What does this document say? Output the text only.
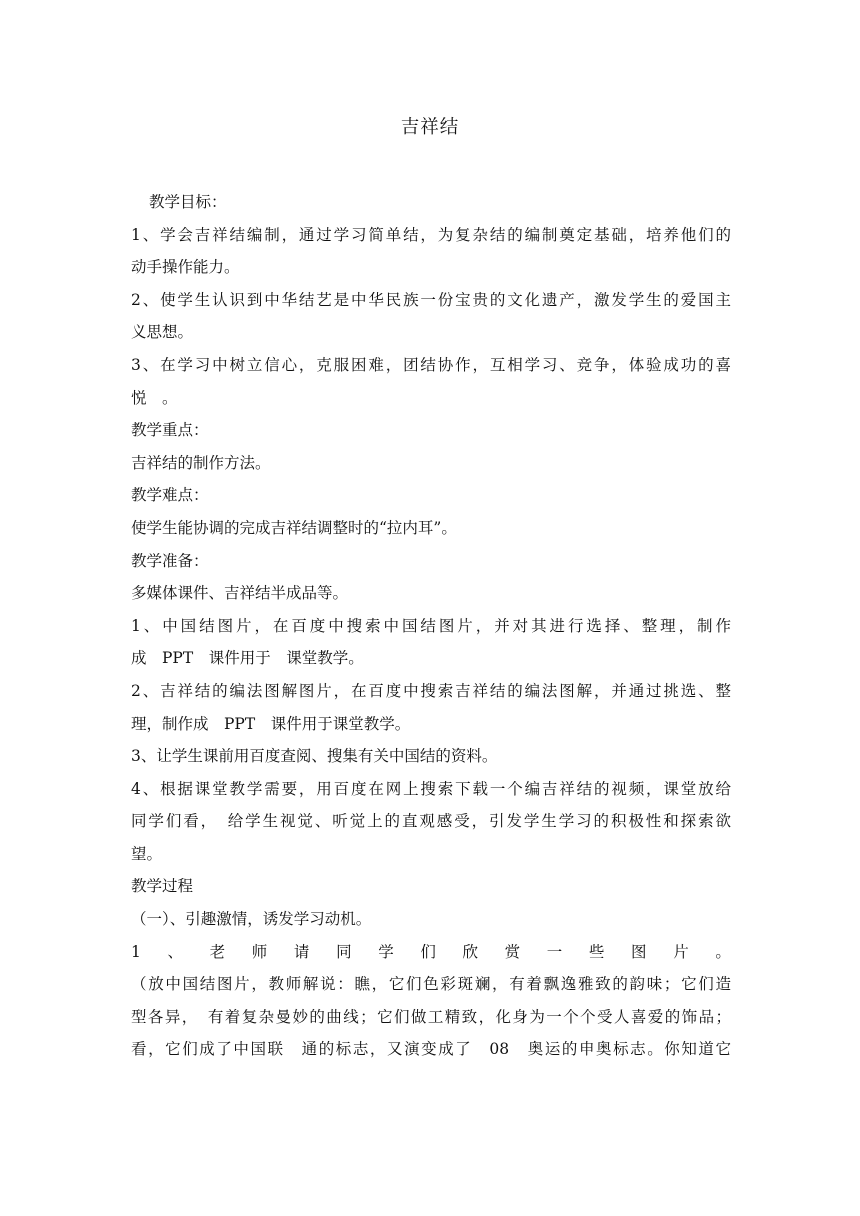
吉祥结

教学目标：

1、学会吉祥结编制，通过学习简单结，为复杂结的编制奠定基础，培养他们的

动手操作能力。

2、使学生认识到中华结艺是中华民族一份宝贵的文化遗产，激发学生的爱国主

义思想。

3、在学习中树立信心，克服困难，团结协作，互相学习、竞争，体验成功的喜

悦　。

教学重点：

吉祥结的制作方法。

教学难点：

使学生能协调的完成吉祥结调整时的“拉内耳”。

教学准备：

多媒体课件、吉祥结半成品等。

1、中国结图片，在百度中搜索中国结图片，并对其进行选择、整理，制作

成　PPT　课件用于　课堂教学。

2、吉祥结的编法图解图片，在百度中搜索吉祥结的编法图解，并通过挑选、整

理，制作成　PPT　课件用于课堂教学。

3、让学生课前用百度查阅、搜集有关中国结的资料。

4、根据课堂教学需要，用百度在网上搜索下载一个编吉祥结的视频，课堂放给

同学们看，　给学生视觉、听觉上的直观感受，引发学生学习的积极性和探索欲

望。

教学过程

（一）、引趣激情，诱发学习动机。

1 、 老 师 请 同 学 们 欣 赏 一 些 图 片 。

（放中国结图片，教师解说：瞧，它们色彩斑斓，有着飘逸雅致的韵味；它们造

型各异，　有着复杂曼妙的曲线；它们做工精致，化身为一个个受人喜爱的饰品；

看，它们成了中国联　通的标志，又演变成了　08　奥运的申奥标志。你知道它
